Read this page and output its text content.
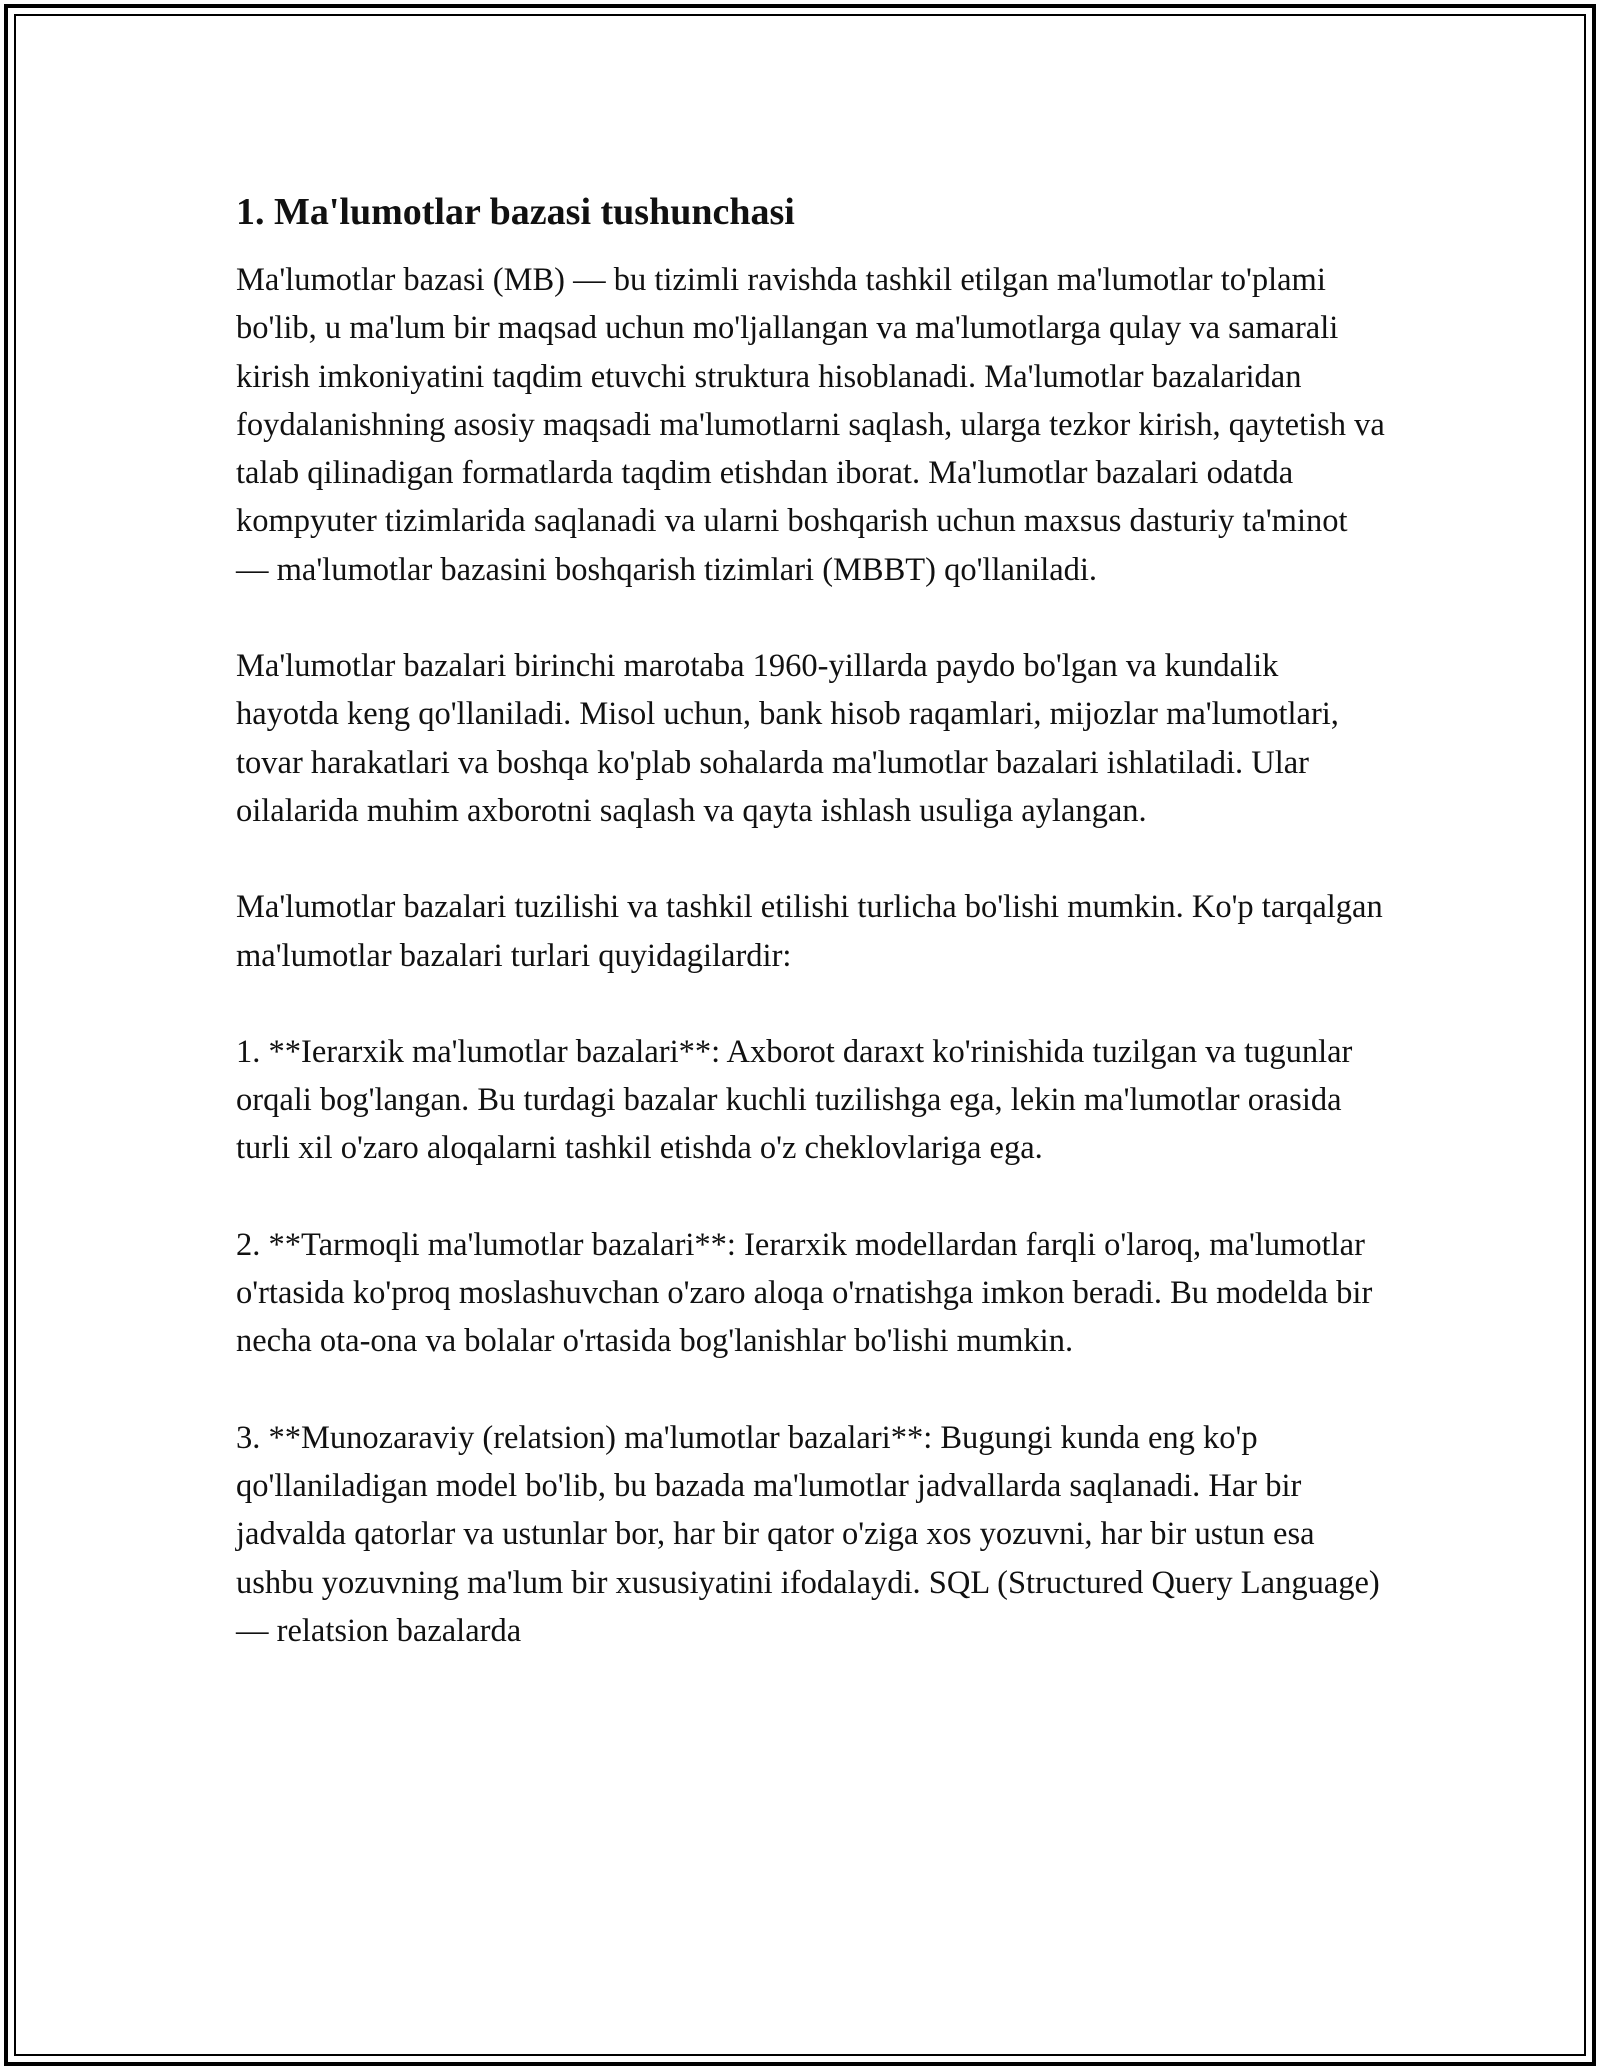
1. Ma'lumotlar bazasi tushunchasi

Ma'lumotlar bazasi (MB) — bu tizimli ravishda tashkil etilgan ma'lumotlar to'plami bo'lib, u ma'lum bir maqsad uchun mo'ljallangan va ma'lumotlarga qulay va samarali kirish imkoniyatini taqdim etuvchi struktura hisoblanadi. Ma'lumotlar bazalaridan foydalanishning asosiy maqsadi ma'lumotlarni saqlash, ularga tezkor kirish, qaytetish va talab qilinadigan formatlarda taqdim etishdan iborat. Ma'lumotlar bazalari odatda kompyuter tizimlarida saqlanadi va ularni boshqarish uchun maxsus dasturiy ta'minot — ma'lumotlar bazasini boshqarish tizimlari (MBBT) qo'llaniladi.

Ma'lumotlar bazalari birinchi marotaba 1960-yillarda paydo bo'lgan va kundalik hayotda keng qo'llaniladi. Misol uchun, bank hisob raqamlari, mijozlar ma'lumotlari, tovar harakatlari va boshqa ko'plab sohalarda ma'lumotlar bazalari ishlatiladi. Ular oilalarida muhim axborotni saqlash va qayta ishlash usuliga aylangan.

Ma'lumotlar bazalari tuzilishi va tashkil etilishi turlicha bo'lishi mumkin. Ko'p tarqalgan ma'lumotlar bazalari turlari quyidagilardir:

1. **Ierarxik ma'lumotlar bazalari**: Axborot daraxt ko'rinishida tuzilgan va tugunlar orqali bog'langan. Bu turdagi bazalar kuchli tuzilishga ega, lekin ma'lumotlar orasida turli xil o'zaro aloqalarni tashkil etishda o'z cheklovlariga ega.

2. **Tarmoqli ma'lumotlar bazalari**: Ierarxik modellardan farqli o'laroq, ma'lumotlar o'rtasida ko'proq moslashuvchan o'zaro aloqa o'rnatishga imkon beradi. Bu modelda bir necha ota-ona va bolalar o'rtasida bog'lanishlar bo'lishi mumkin.

3. **Munozaraviy (relatsion) ma'lumotlar bazalari**: Bugungi kunda eng ko'p qo'llaniladigan model bo'lib, bu bazada ma'lumotlar jadvallarda saqlanadi. Har bir jadvalda qatorlar va ustunlar bor, har bir qator o'ziga xos yozuvni, har bir ustun esa ushbu yozuvning ma'lum bir xususiyatini ifodalaydi. SQL (Structured Query Language) — relatsion bazalarda
